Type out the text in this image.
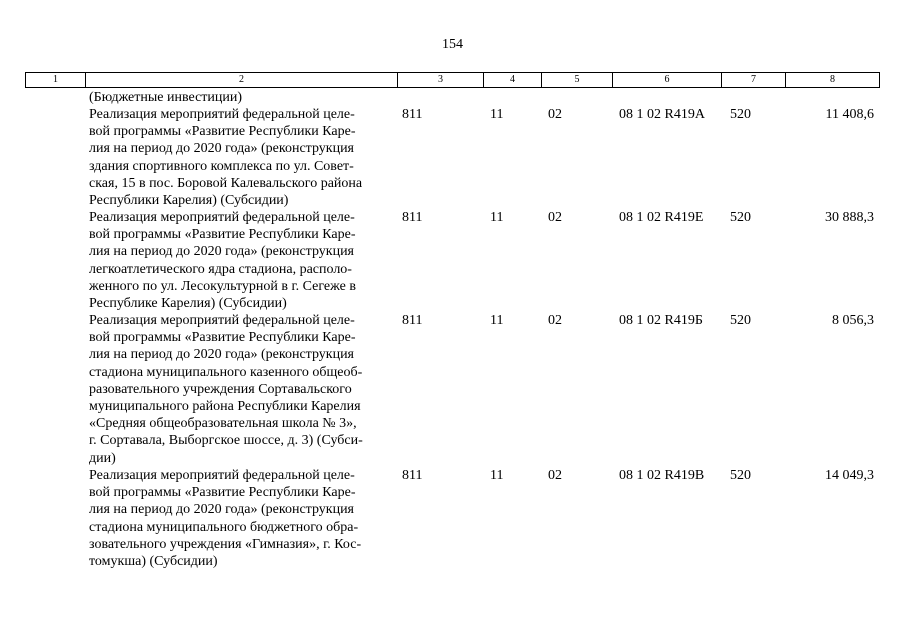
154
1	2	3	4	5	6	7	8
(Бюджетные инвестиции)
Реализация мероприятий федеральной целе-
вой программы «Развитие Республики Каре-
лия на период до 2020 года» (реконструкция
здания спортивного комплекса по ул. Совет-
ская, 15 в пос. Боровой Калевальского района
Республики Карелия) (Субсидии)
811	11	02	08 1 02 R419А 520	11 408,6
Реализация мероприятий федеральной целе-
вой программы «Развитие Республики Каре-
лия на период до 2020 года» (реконструкция
легкоатлетического ядра стадиона, располо-
женного по ул. Лесокультурной в г. Сегеже в
Республике Карелия) (Субсидии)
811	11	02	08 1 02 R419Е 520	30 888,3
Реализация мероприятий федеральной целе-
вой программы «Развитие Республики Каре-
лия на период до 2020 года» (реконструкция
стадиона муниципального казенного общеоб-
разовательного учреждения Сортавальского
муниципального района Республики Карелия
«Средняя общеобразовательная школа № 3»,
г. Сортавала, Выборгское шоссе, д. 3) (Субси-
дии)
811	11	02	08 1 02 R419Б 520	8 056,3
Реализация мероприятий федеральной целе-
вой программы «Развитие Республики Каре-
лия на период до 2020 года» (реконструкция
стадиона муниципального бюджетного обра-
зовательного учреждения «Гимназия», г. Кос-
томукша) (Субсидии)
811	11	02	08 1 02 R419В 520	14 049,3
